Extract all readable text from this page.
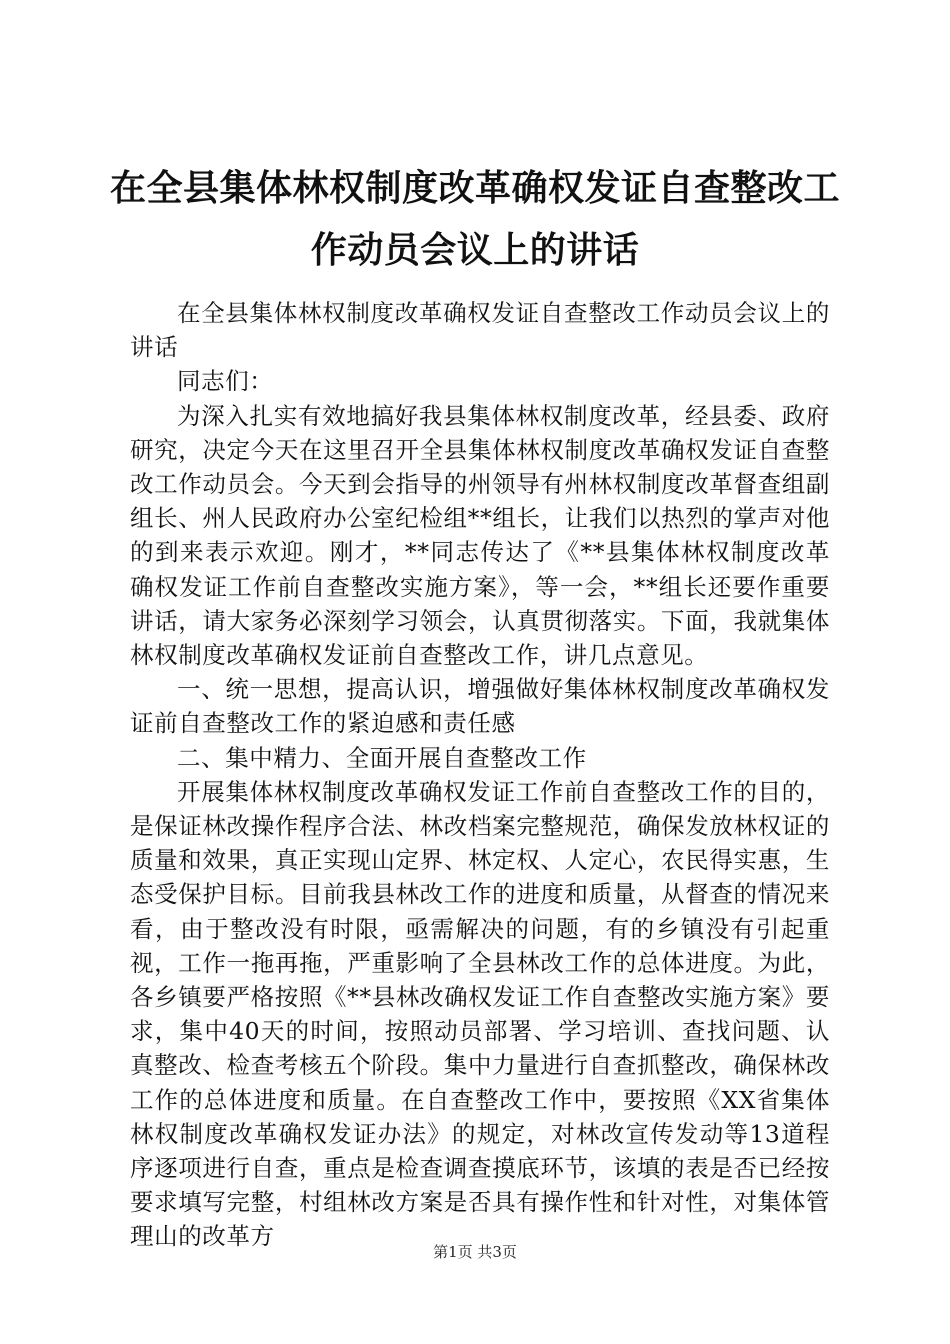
在全县集体林权制度改革确权发证自查整改工作动员会议上的讲话

在全县集体林权制度改革确权发证自查整改工作动员会议上的讲话

同志们：

为深入扎实有效地搞好我县集体林权制度改革，经县委、政府研究，决定今天在这里召开全县集体林权制度改革确权发证自查整改工作动员会。今天到会指导的州领导有州林权制度改革督查组副组长、州人民政府办公室纪检组**组长，让我们以热烈的掌声对他的到来表示欢迎。刚才，**同志传达了《**县集体林权制度改革确权发证工作前自查整改实施方案》，等一会，**组长还要作重要讲话，请大家务必深刻学习领会，认真贯彻落实。下面，我就集体林权制度改革确权发证前自查整改工作，讲几点意见。

一、统一思想，提高认识，增强做好集体林权制度改革确权发证前自查整改工作的紧迫感和责任感

二、集中精力、全面开展自查整改工作

开展集体林权制度改革确权发证工作前自查整改工作的目的，是保证林改操作程序合法、林改档案完整规范，确保发放林权证的质量和效果，真正实现山定界、林定权、人定心，农民得实惠，生态受保护目标。目前我县林改工作的进度和质量，从督查的情况来看，由于整改没有时限，亟需解决的问题，有的乡镇没有引起重视，工作一拖再拖，严重影响了全县林改工作的总体进度。为此，各乡镇要严格按照《**县林改确权发证工作自查整改实施方案》要求，集中40天的时间，按照动员部署、学习培训、查找问题、认真整改、检查考核五个阶段。集中力量进行自查抓整改，确保林改工作的总体进度和质量。在自查整改工作中，要按照《XX省集体林权制度改革确权发证办法》的规定，对林改宣传发动等13道程序逐项进行自查，重点是检查调查摸底环节，该填的表是否已经按要求填写完整，村组林改方案是否具有操作性和针对性，对集体管理山的改革方

第1页 共3页
